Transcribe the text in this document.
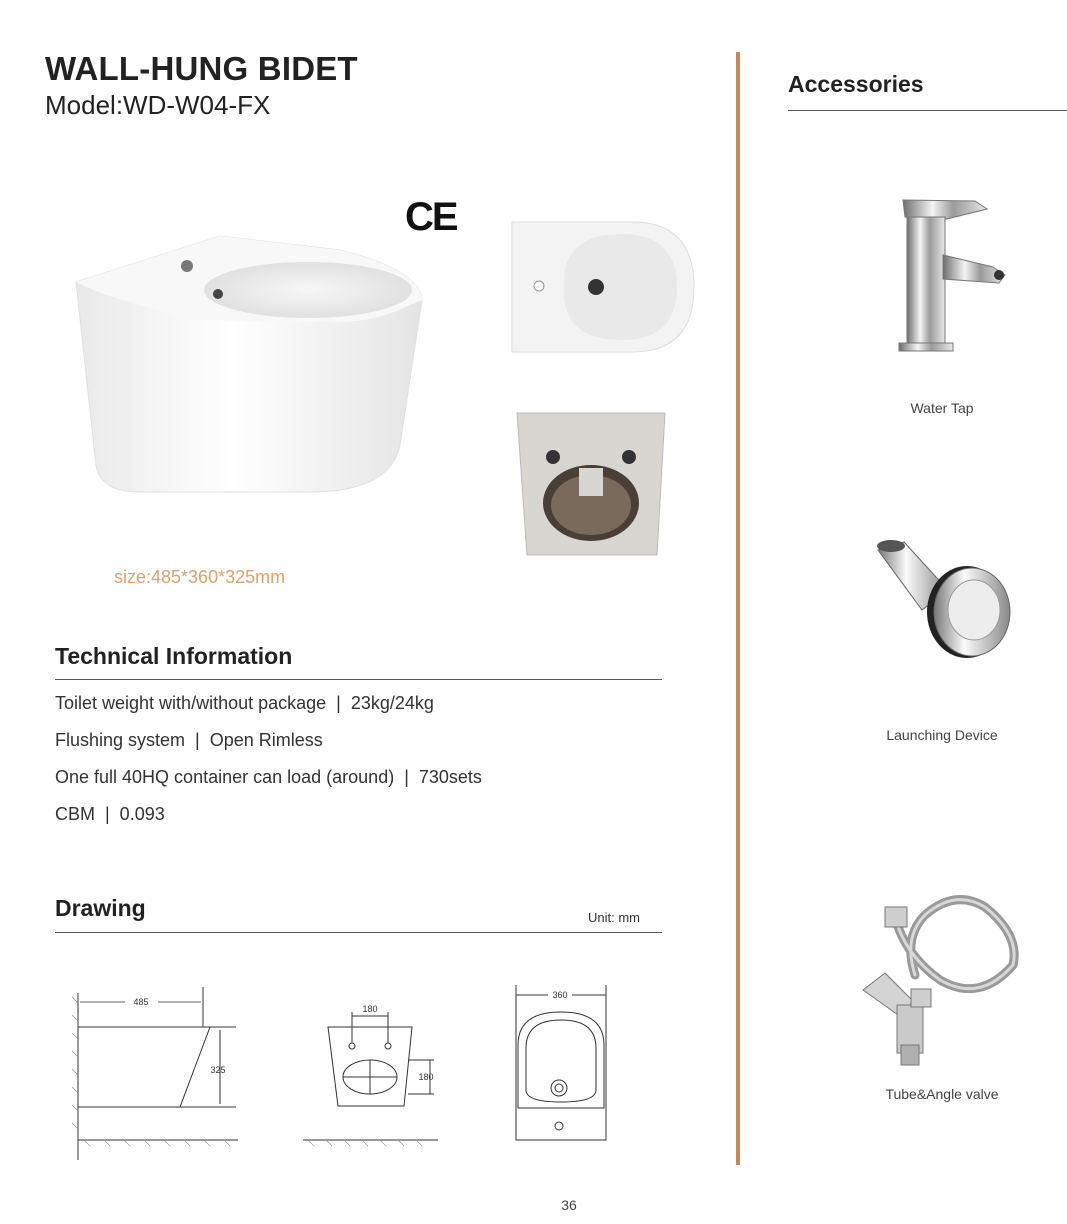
WALL-HUNG BIDET
Model:WD-W04-FX
CE
size:485*360*325mm
Technical Information
Toilet weight with/without package  |  23kg/24kg
Flushing system  |  Open Rimless
One full 40HQ container can load (around)  |  730sets
CBM  |  0.093
Drawing	Unit: mm
485
325
180
180
360
Accessories
Water Tap
Launching Device
Tube&Angle valve
36
